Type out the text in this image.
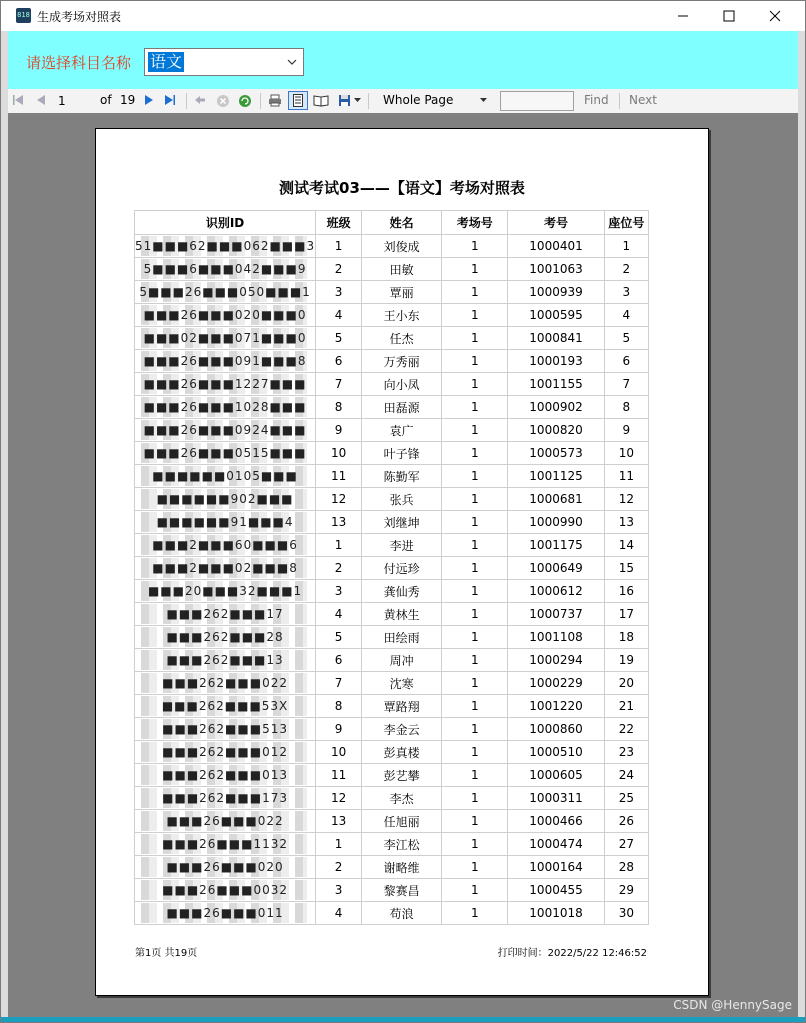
818 生成考场对照表
请选择科目名称 语文
1	of 19	Whole Page	Find Next
测试考试03——【语文】考场对照表
识别ID	班级	姓名	考场号	考号	座位号

51■■■62■■■062■■■3	1	刘俊成	1	1000401	1

5■■■6■■■042■■■9	2	田敏	1	1001063	2

5■■■26■■■050■■■1	3	覃丽	1	1000939	3

■■■26■■■020■■■0	4	王小东	1	1000595	4

■■■02■■■071■■■0	5	任杰	1	1000841	5

■■■26■■■091■■■8	6	万秀丽	1	1000193	6

■■■26■■■1227■■■	7	向小凤	1	1001155	7

■■■26■■■1028■■■	8	田磊源	1	1000902	8

■■■26■■■0924■■■	9	袁广	1	1000820	9

■■■26■■■0515■■■	10	叶子锋	1	1000573	10

■■■■■■0105■■■	11	陈勤军	1	1001125	11

■■■■■■902■■■	12	张兵	1	1000681	12

■■■■■■91■■■4	13	刘继坤	1	1000990	13

■■■2■■■60■■■6	1	李进	1	1001175	14

■■■2■■■02■■■8	2	付远珍	1	1000649	15

■■■20■■■32■■■1	3	龚仙秀	1	1000612	16

■■■262■■■17	4	黄林生	1	1000737	17

■■■262■■■28	5	田绘雨	1	1001108	18

■■■262■■■13	6	周冲	1	1000294	19

■■■262■■■022	7	沈寒	1	1000229	20

■■■262■■■53X	8	覃路翔	1	1001220	21

■■■262■■■513	9	李金云	1	1000860	22

■■■262■■■012	10	彭真楼	1	1000510	23

■■■262■■■013	11	彭艺攀	1	1000605	24

■■■262■■■173	12	李杰	1	1000311	25

■■■26■■■022	13	任旭丽	1	1000466	26

■■■26■■■1132	1	李江松	1	1000474	27

■■■26■■■020	2	谢略维	1	1000164	28

■■■26■■■0032	3	黎赛昌	1	1000455	29

■■■26■■■011	4	苟浪	1	1001018	30
第1页 共19页	打印时间：2022/5/22 12:46:52
CSDN @HennySage
